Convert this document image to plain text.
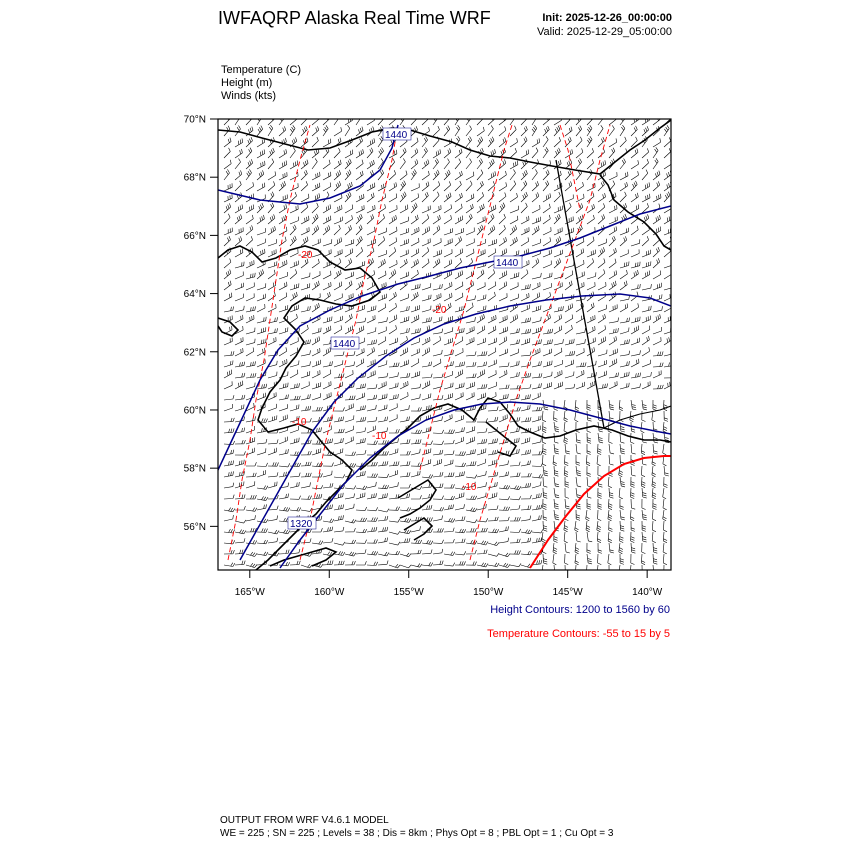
IWFAQRP Alaska Real Time WRF	Init: 2025-12-26_00:00:00
Valid: 2025-12-29_05:00:00
Temperature (C)
Height (m)
Winds (kts)
1440
1440
1440
1320
-20
-20
-10
-10
-10
70°N
68°N
66°N
64°N
62°N
60°N
58°N
56°N
165°W	160°W	155°W	150°W	145°W	140°W
Height Contours: 1200 to 1560 by 60
Temperature Contours: -55 to 15 by 5
OUTPUT FROM WRF V4.6.1 MODEL
WE = 225 ; SN = 225 ; Levels = 38 ; Dis = 8km ; Phys Opt = 8 ; PBL Opt = 1 ; Cu Opt = 3
